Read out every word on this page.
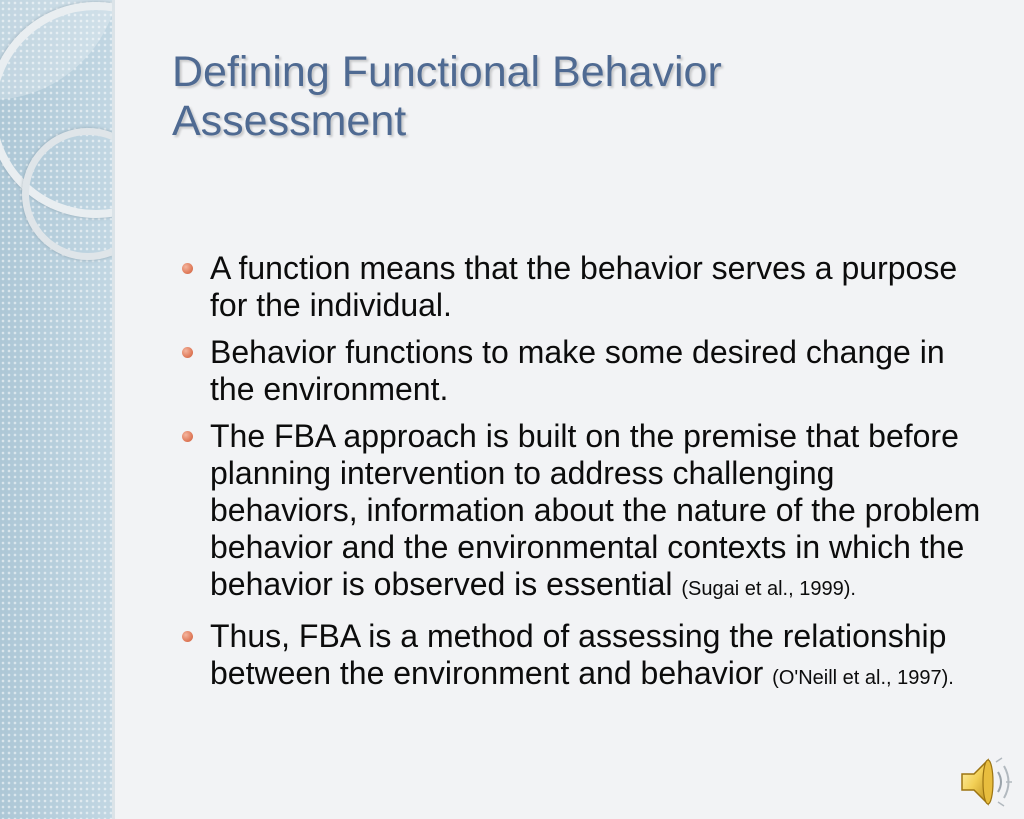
Defining Functional Behavior
Assessment
A function means that the behavior serves a purpose for the individual.
Behavior functions to make some desired change in the environment.
The FBA approach is built on the premise that before planning intervention to address challenging behaviors, information about the nature of the problem behavior and the environmental contexts in which the behavior is observed is essential (Sugai et al., 1999).
Thus, FBA is a method of assessing the relationship between the environment and behavior (O'Neill et al., 1997).
